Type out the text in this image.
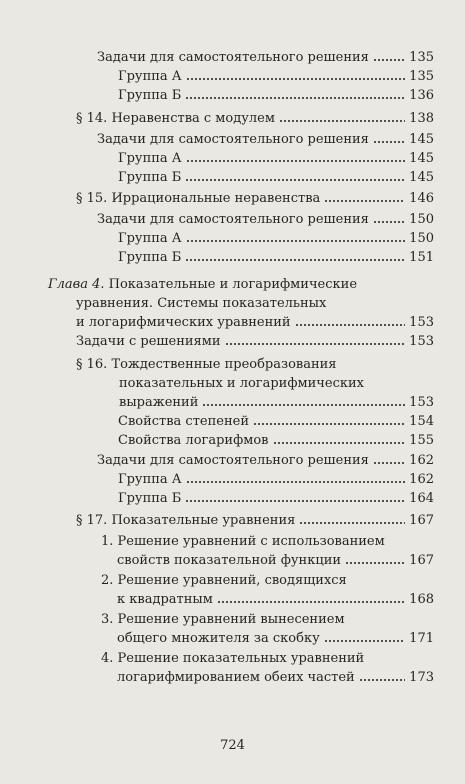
Задачи для самостоятельного решения	135
Группа А	135
Группа Б	136
§ 14. Неравенства с модулем	138
Задачи для самостоятельного решения	145
Группа А	145
Группа Б	145
§ 15. Иррациональные неравенства	146
Задачи для самостоятельного решения	150
Группа А	150
Группа Б	151
Глава 4. Показательные и логарифмические
уравнения. Системы показательных
и логарифмических уравнений	153
Задачи с решениями	153
§ 16. Тождественные преобразования
показательных и логарифмических
выражений	153
Свойства степеней	154
Свойства логарифмов	155
Задачи для самостоятельного решения	162
Группа А	162
Группа Б	164
§ 17. Показательные уравнения	167
1. Решение уравнений с использованием
свойств показательной функции	167
2. Решение уравнений, сводящихся
к квадратным	168
3. Решение уравнений вынесением
общего множителя за скобку	171
4. Решение показательных уравнений
логарифмированием обеих частей	173
724
